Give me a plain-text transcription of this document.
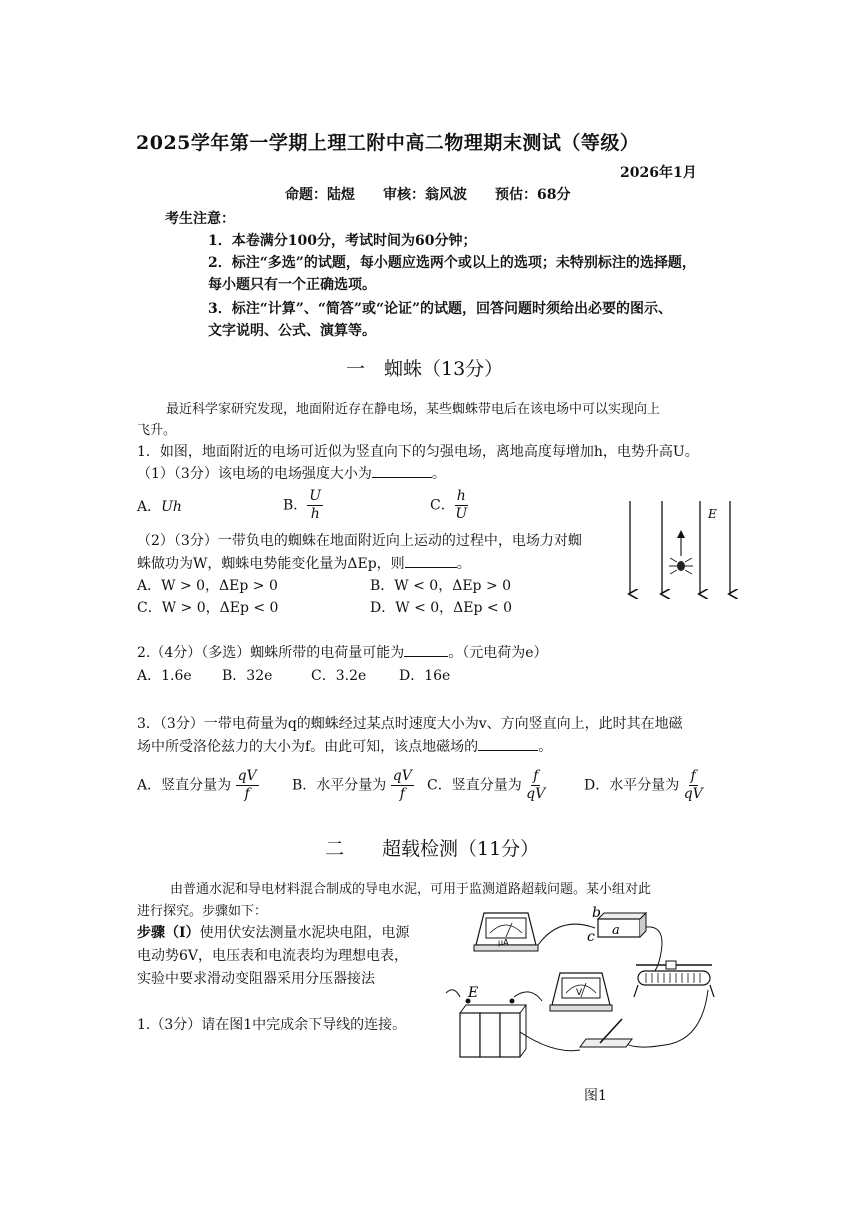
2025学年第一学期上理工附中高二物理期末测试（等级）
2026年1月
命题：陆煜　　审核：翁风波　　预估：68分
考生注意：
1．本卷满分100分，考试时间为60分钟；
2．标注“多选”的试题，每小题应选两个或以上的选项；未特别标注的选择题，
每小题只有一个正确选项。
3．标注“计算”、“简答”或“论证”的试题，回答问题时须给出必要的图示、
文字说明、公式、演算等。
一　蜘蛛（13分）
最近科学家研究发现，地面附近存在静电场，某些蜘蛛带电后在该电场中可以实现向上
飞升。
1．如图，地面附近的电场可近似为竖直向下的匀强电场，离地高度每增加h，电势升高U。
（1）（3分）该电场的电场强度大小为	。
A．Uh	B． $\frac{U}{h}$	C． $\frac{h}{U}$
（2）（3分）一带负电的蜘蛛在地面附近向上运动的过程中，电场力对蜘
蛛做功为W，蜘蛛电势能变化量为ΔEp，则	。
A．W > 0，ΔEp > 0	B．W < 0，ΔEp > 0
C．W > 0，ΔEp < 0	D．W < 0，ΔEp < 0
E
2.（4分）（多选）蜘蛛所带的电荷量可能为	。（元电荷为e）
A．1.6e B．32e	C．3.2e D．16e
3．（3分）一带电荷量为q的蜘蛛经过某点时速度大小为v、方向竖直向上，此时其在地磁
场中所受洛伦兹力的大小为f。由此可知，该点地磁场的	。
A．竖直分量为 $\frac{qV}{f}$ B．水平分量为 $\frac{qV}{f}$ C．竖直分量为 $\frac{f}{qV}$	D．水平分量为 $\frac{f}{qV}$
二　　超载检测（11分）
由普通水泥和导电材料混合制成的导电水泥，可用于监测道路超载问题。某小组对此
进行探究。步骤如下：
步骤（I）使用伏安法测量水泥块电阻，电源
电动势6V，电压表和电流表均为理想电表，
实验中要求滑动变阻器采用分压器接法
1.（3分）请在图1中完成余下导线的连接。
μA
V
a
b
c
E
图1
